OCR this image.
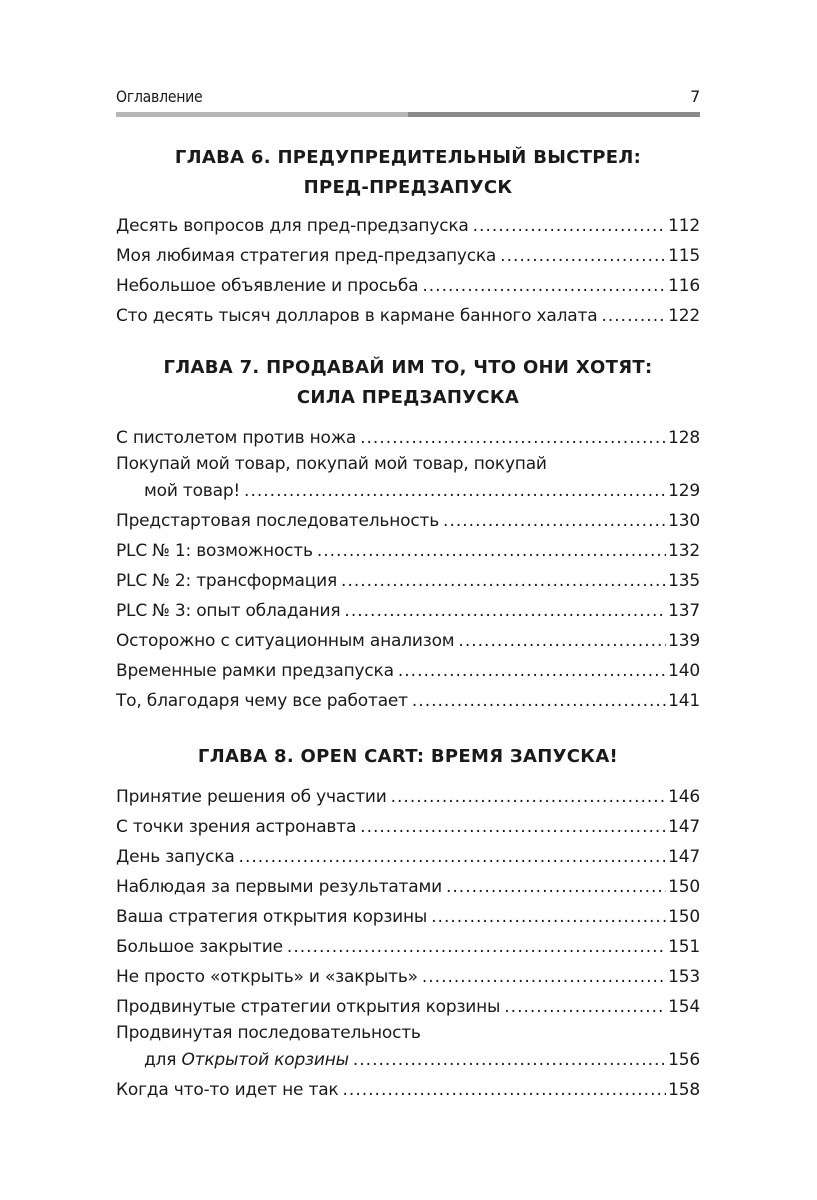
Оглавление	7
ГЛАВА 6. ПРЕДУПРЕДИТЕЛЬНЫЙ ВЫСТРЕЛ:
ПРЕД-ПРЕДЗАПУСК
Десять вопросов для пред-предзапуска . . .	112
Моя любимая стратегия пред-предзапуска . . .	115
Небольшое объявление и просьба . . .	116
Сто десять тысяч долларов в кармане банного халата . . .	122
ГЛАВА 7. ПРОДАВАЙ ИМ ТО, ЧТО ОНИ ХОТЯТ:
СИЛА ПРЕДЗАПУСКА
С пистолетом против ножа . . .	128
Покупай мой товар, покупай мой товар, покупай
мой товар! . . .	129
Предстартовая последовательность . . .	130
PLC № 1: возможность . . .	132
PLC № 2: трансформация . . .	135
PLC № 3: опыт обладания . . .	137
Осторожно с ситуационным анализом . . .	139
Временные рамки предзапуска . . .	140
То, благодаря чему все работает . . .	141
ГЛАВА 8. OPEN CART: ВРЕМЯ ЗАПУСКА!
Принятие решения об участии . . .	146
С точки зрения астронавта . . .	147
День запуска . . .	147
Наблюдая за первыми результатами . . .	150
Ваша стратегия открытия корзины . . .	150
Большое закрытие . . .	151
Не просто «открыть» и «закрыть» . . .	153
Продвинутые стратегии открытия корзины . . .	154
Продвинутая последовательность
для Открытой корзины . . .	156
Когда что-то идет не так . . .	158
